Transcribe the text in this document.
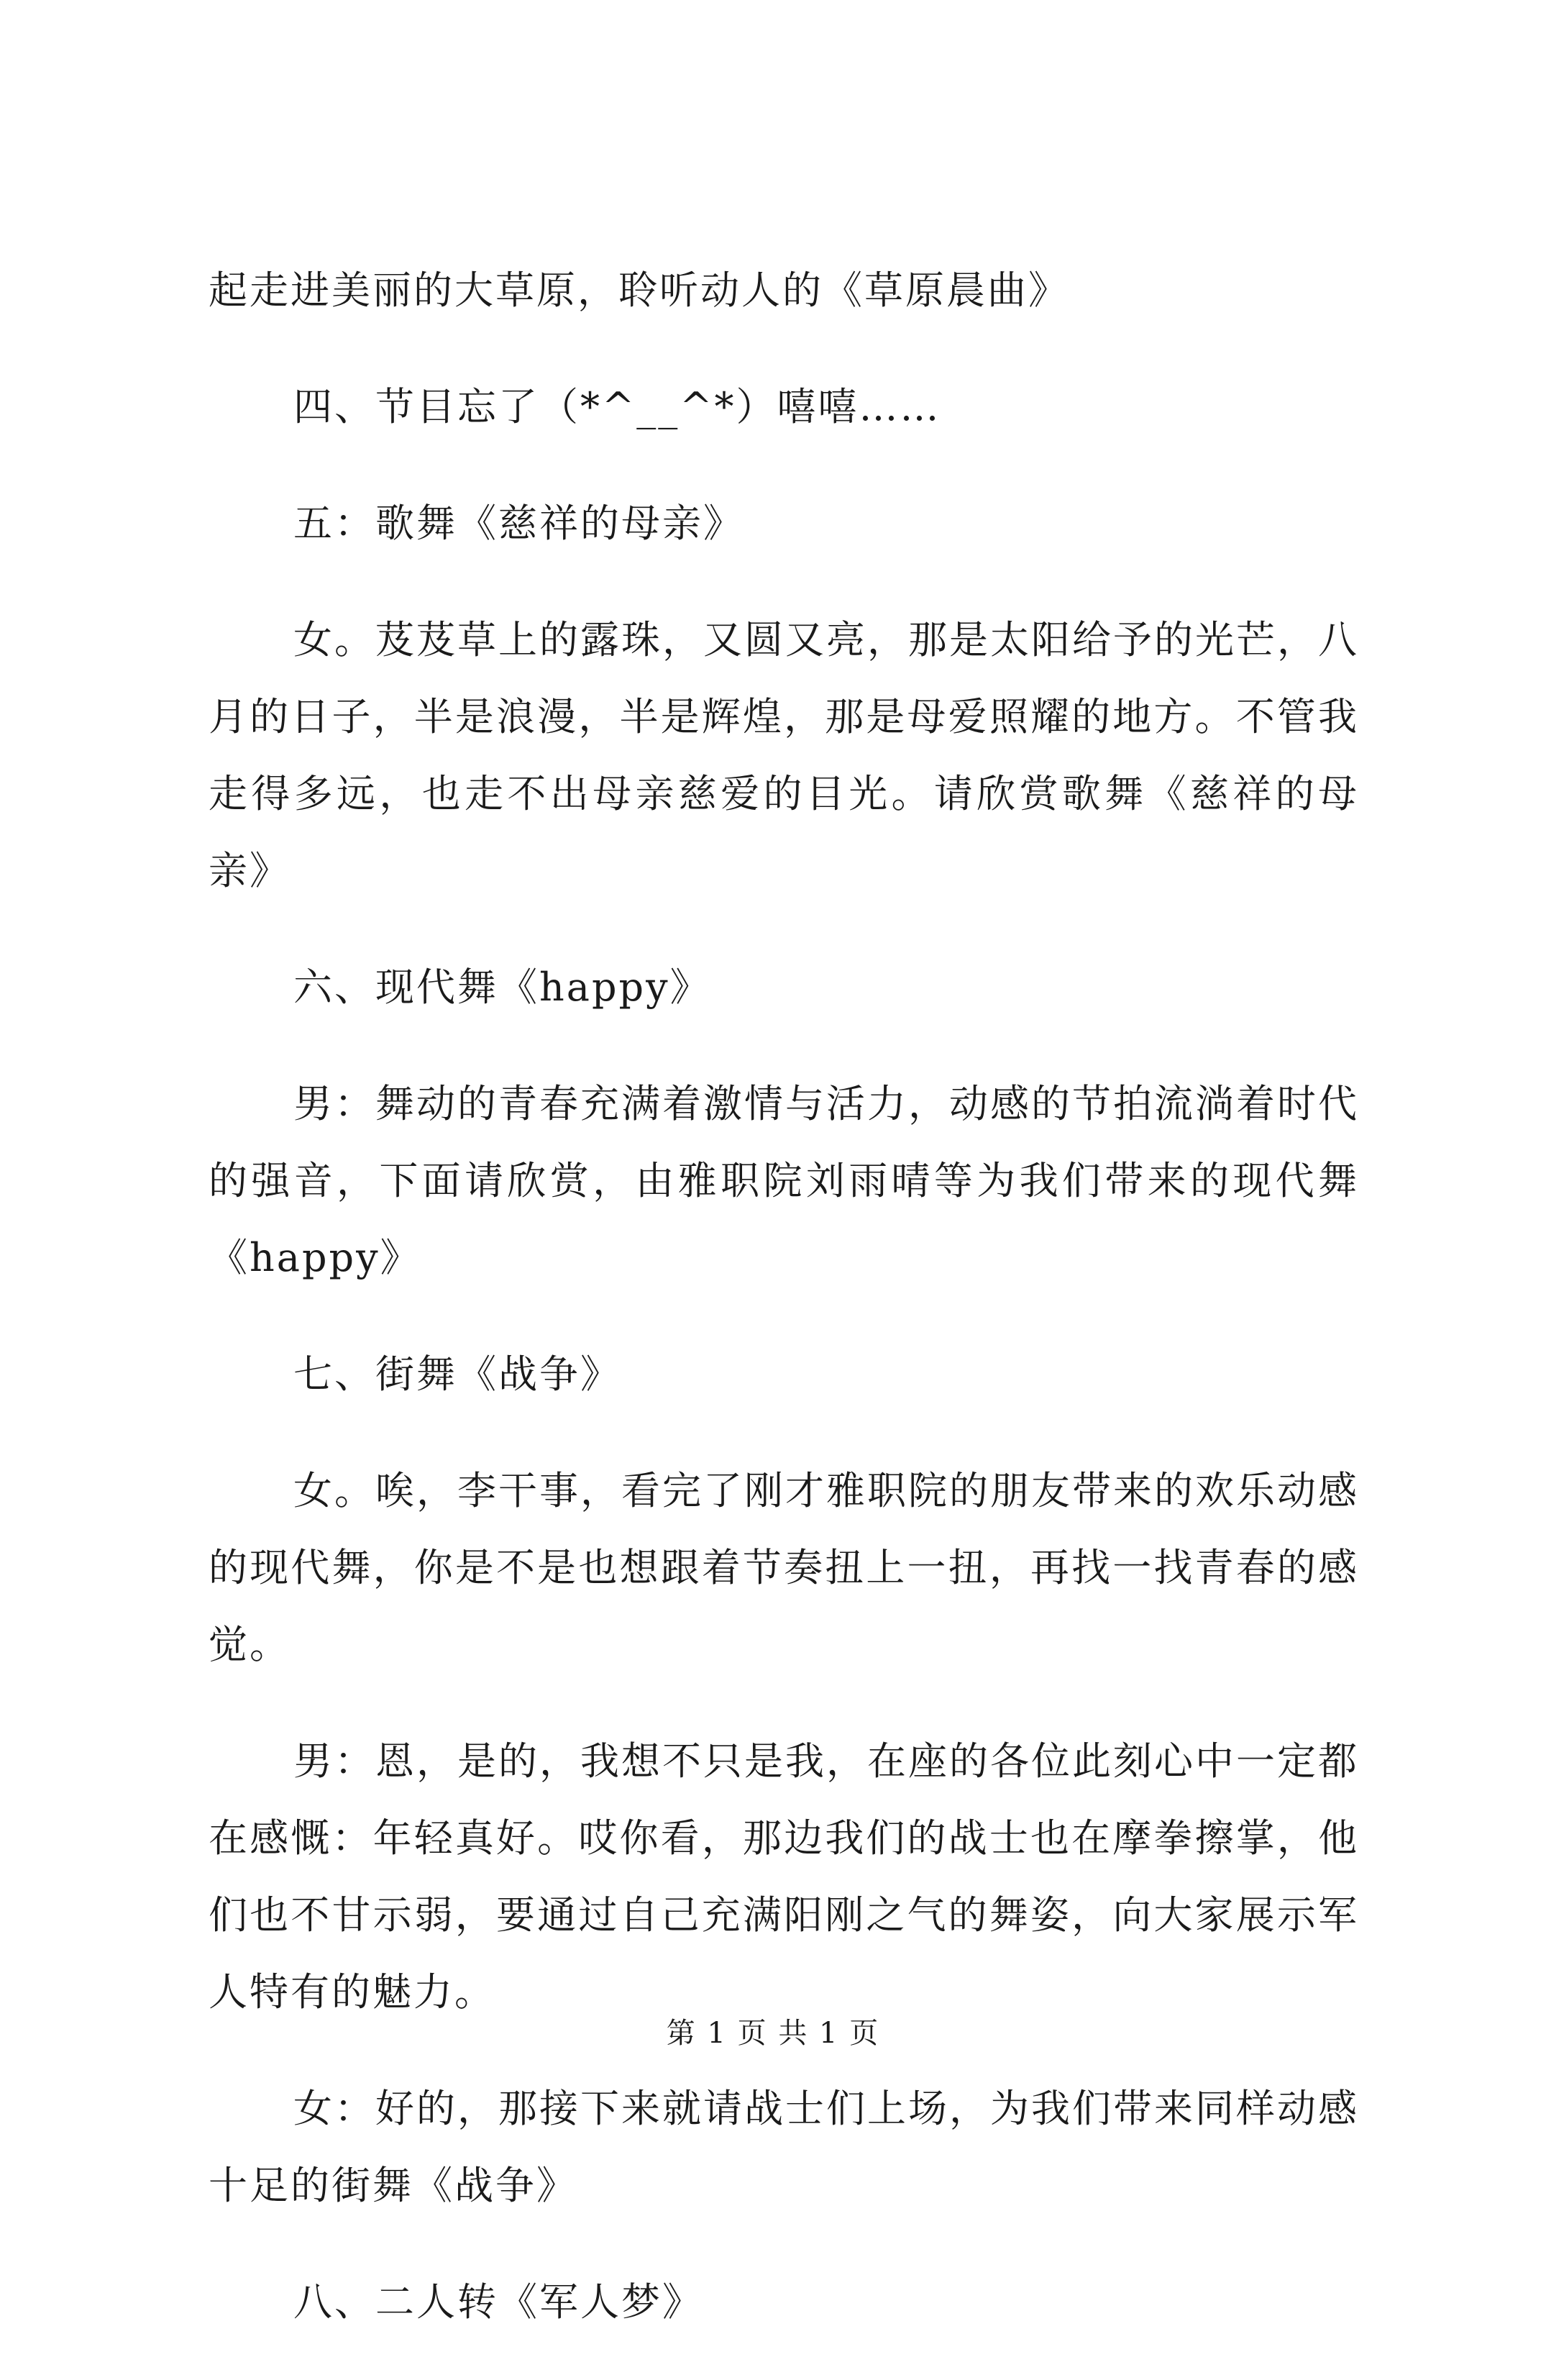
起走进美丽的大草原，聆听动人的《草原晨曲》

四、节目忘了（*^__^*）嘻嘻……

五：歌舞《慈祥的母亲》

女。芨芨草上的露珠，又圆又亮，那是太阳给予的光芒，八月的日子，半是浪漫，半是辉煌，那是母爱照耀的地方。不管我走得多远，也走不出母亲慈爱的目光。请欣赏歌舞《慈祥的母亲》

六、现代舞《happy》

男：舞动的青春充满着激情与活力，动感的节拍流淌着时代的强音，下面请欣赏，由雅职院刘雨晴等为我们带来的现代舞《happy》

七、街舞《战争》

女。唉，李干事，看完了刚才雅职院的朋友带来的欢乐动感的现代舞，你是不是也想跟着节奏扭上一扭，再找一找青春的感觉。

男：恩，是的，我想不只是我，在座的各位此刻心中一定都在感慨：年轻真好。哎你看，那边我们的战士也在摩拳擦掌，他们也不甘示弱，要通过自己充满阳刚之气的舞姿，向大家展示军人特有的魅力。

女：好的，那接下来就请战士们上场，为我们带来同样动感十足的街舞《战争》

八、二人转《军人梦》

第 1 页 共 1 页
